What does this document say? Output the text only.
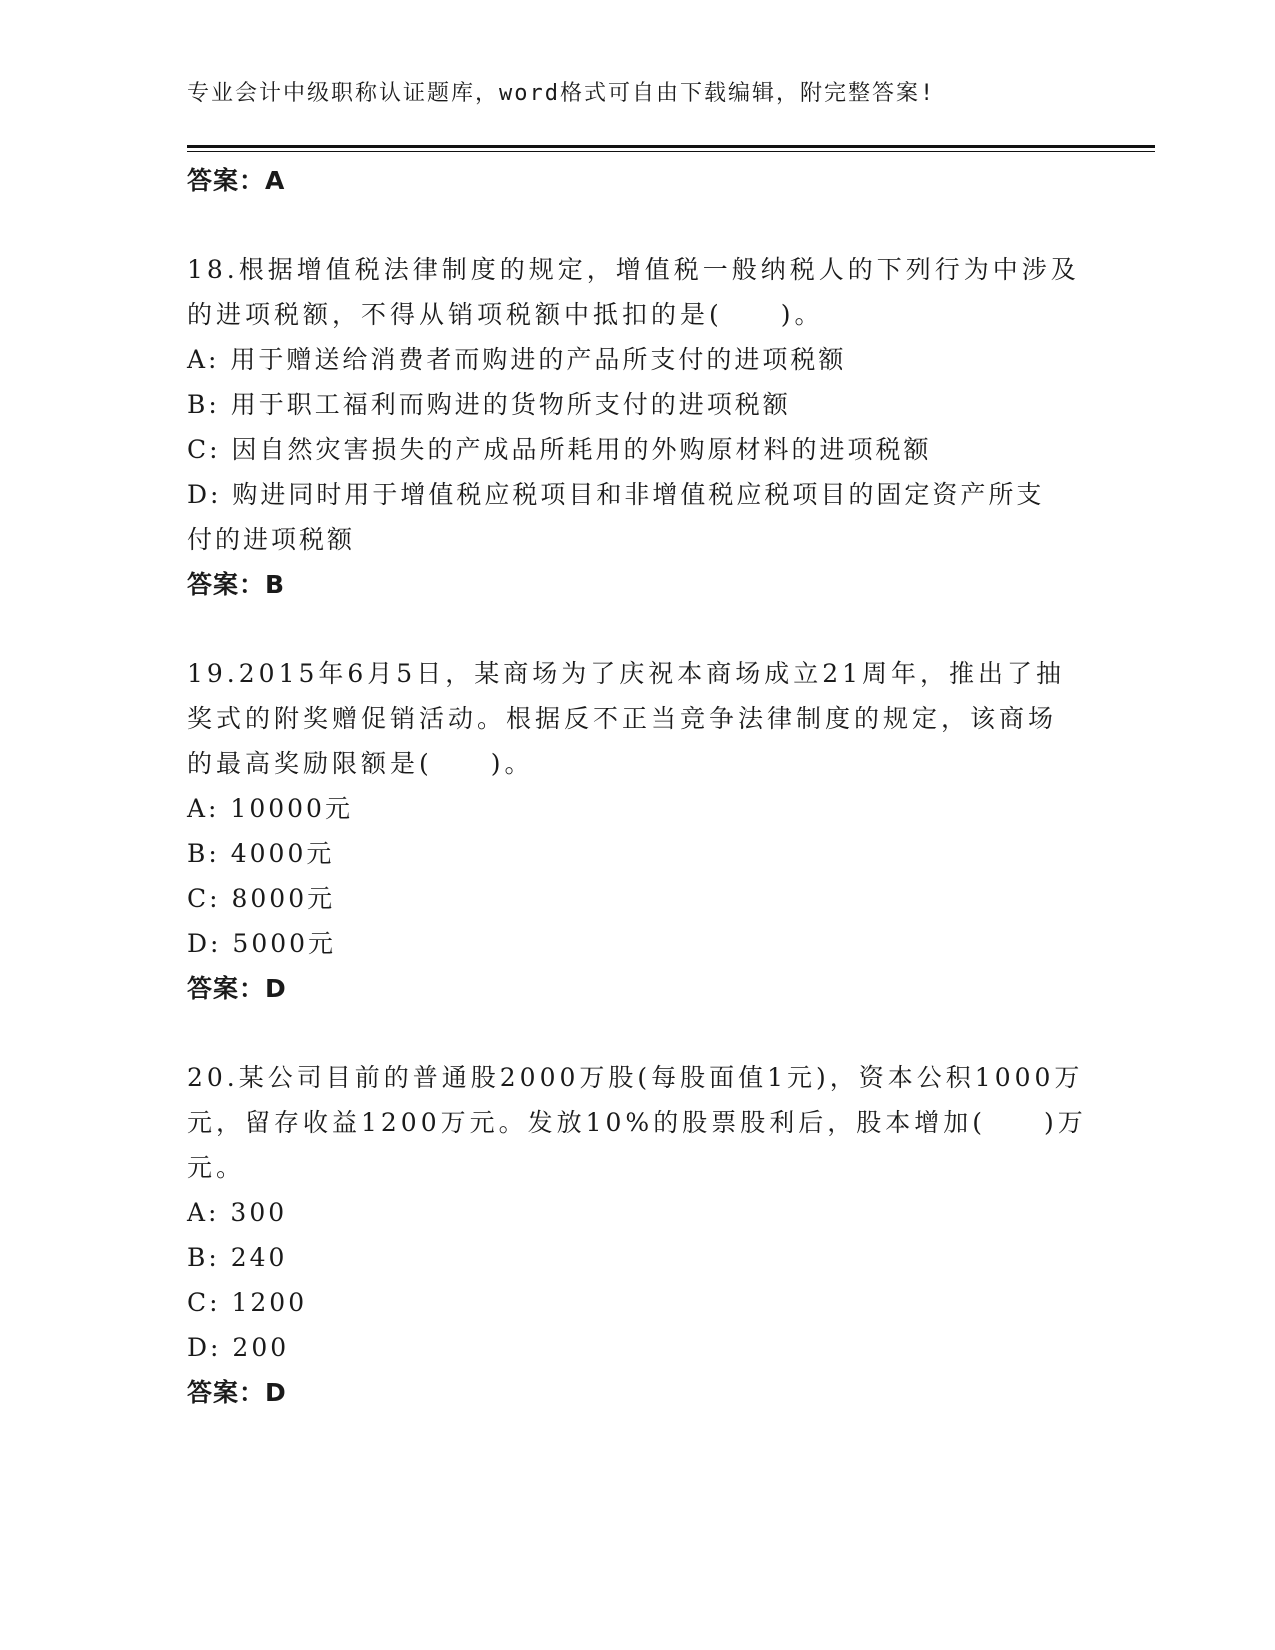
专业会计中级职称认证题库，word格式可自由下载编辑，附完整答案!
答案：A
18.根据增值税法律制度的规定，增值税一般纳税人的下列行为中涉及
的进项税额，不得从销项税额中抵扣的是(　　)。
A: 用于赠送给消费者而购进的产品所支付的进项税额
B: 用于职工福利而购进的货物所支付的进项税额
C: 因自然灾害损失的产成品所耗用的外购原材料的进项税额
D: 购进同时用于增值税应税项目和非增值税应税项目的固定资产所支
付的进项税额
答案：B
19.2015年6月5日，某商场为了庆祝本商场成立21周年，推出了抽
奖式的附奖赠促销活动。根据反不正当竞争法律制度的规定，该商场
的最高奖励限额是(　　)。
A: 10000元
B: 4000元
C: 8000元
D: 5000元
答案：D
20.某公司目前的普通股2000万股(每股面值1元)，资本公积1000万
元，留存收益1200万元。发放10%的股票股利后，股本增加(　　)万
元。
A: 300
B: 240
C: 1200
D: 200
答案：D
